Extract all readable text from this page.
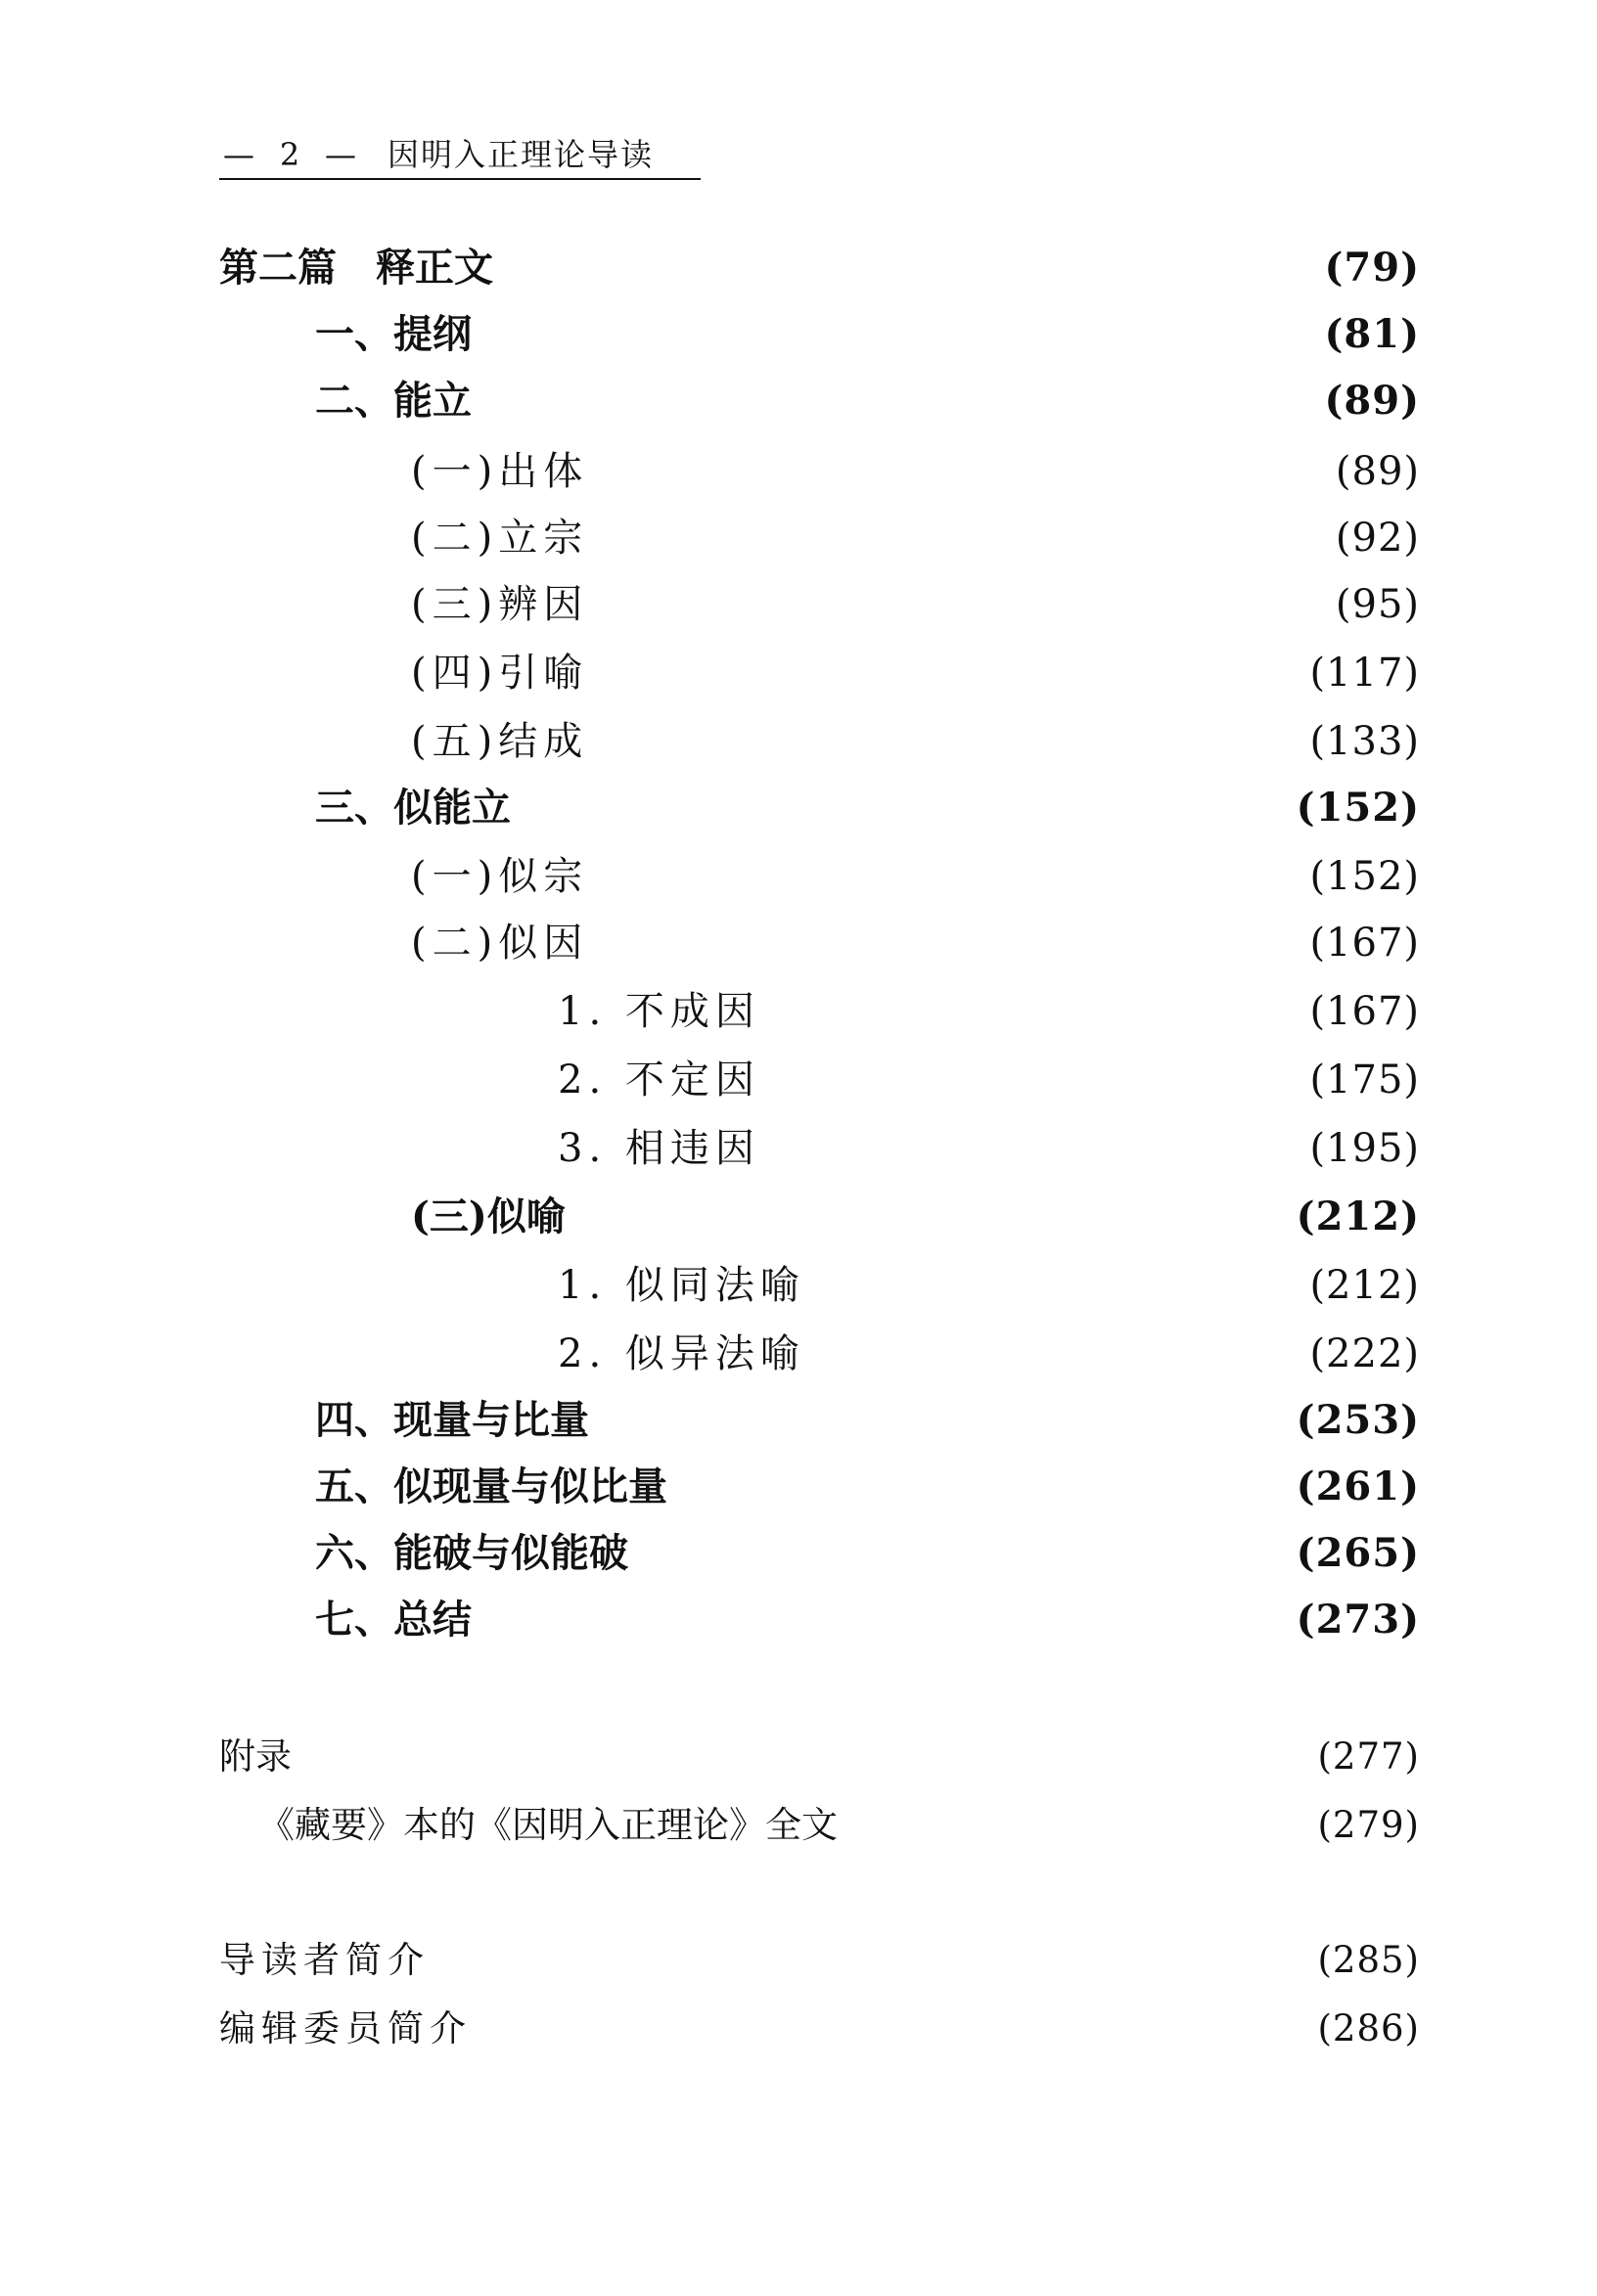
— 2 — 因明入正理论导读
第二篇　释正文	(79)
一、提纲	(81)
二、能立	(89)
(一)出体	(89)
(二)立宗	(92)
(三)辨因	(95)
(四)引喻	(117)
(五)结成	(133)
三、似能立	(152)
(一)似宗	(152)
(二)似因	(167)
1. 不成因	(167)
2. 不定因	(175)
3. 相违因	(195)
(三)似喻	(212)
1. 似同法喻	(212)
2. 似异法喻	(222)
四、现量与比量	(253)
五、似现量与似比量	(261)
六、能破与似能破	(265)
七、总结	(273)
附录	(277)
《藏要》本的《因明入正理论》全文	(279)
导读者简介	(285)
编辑委员简介	(286)
